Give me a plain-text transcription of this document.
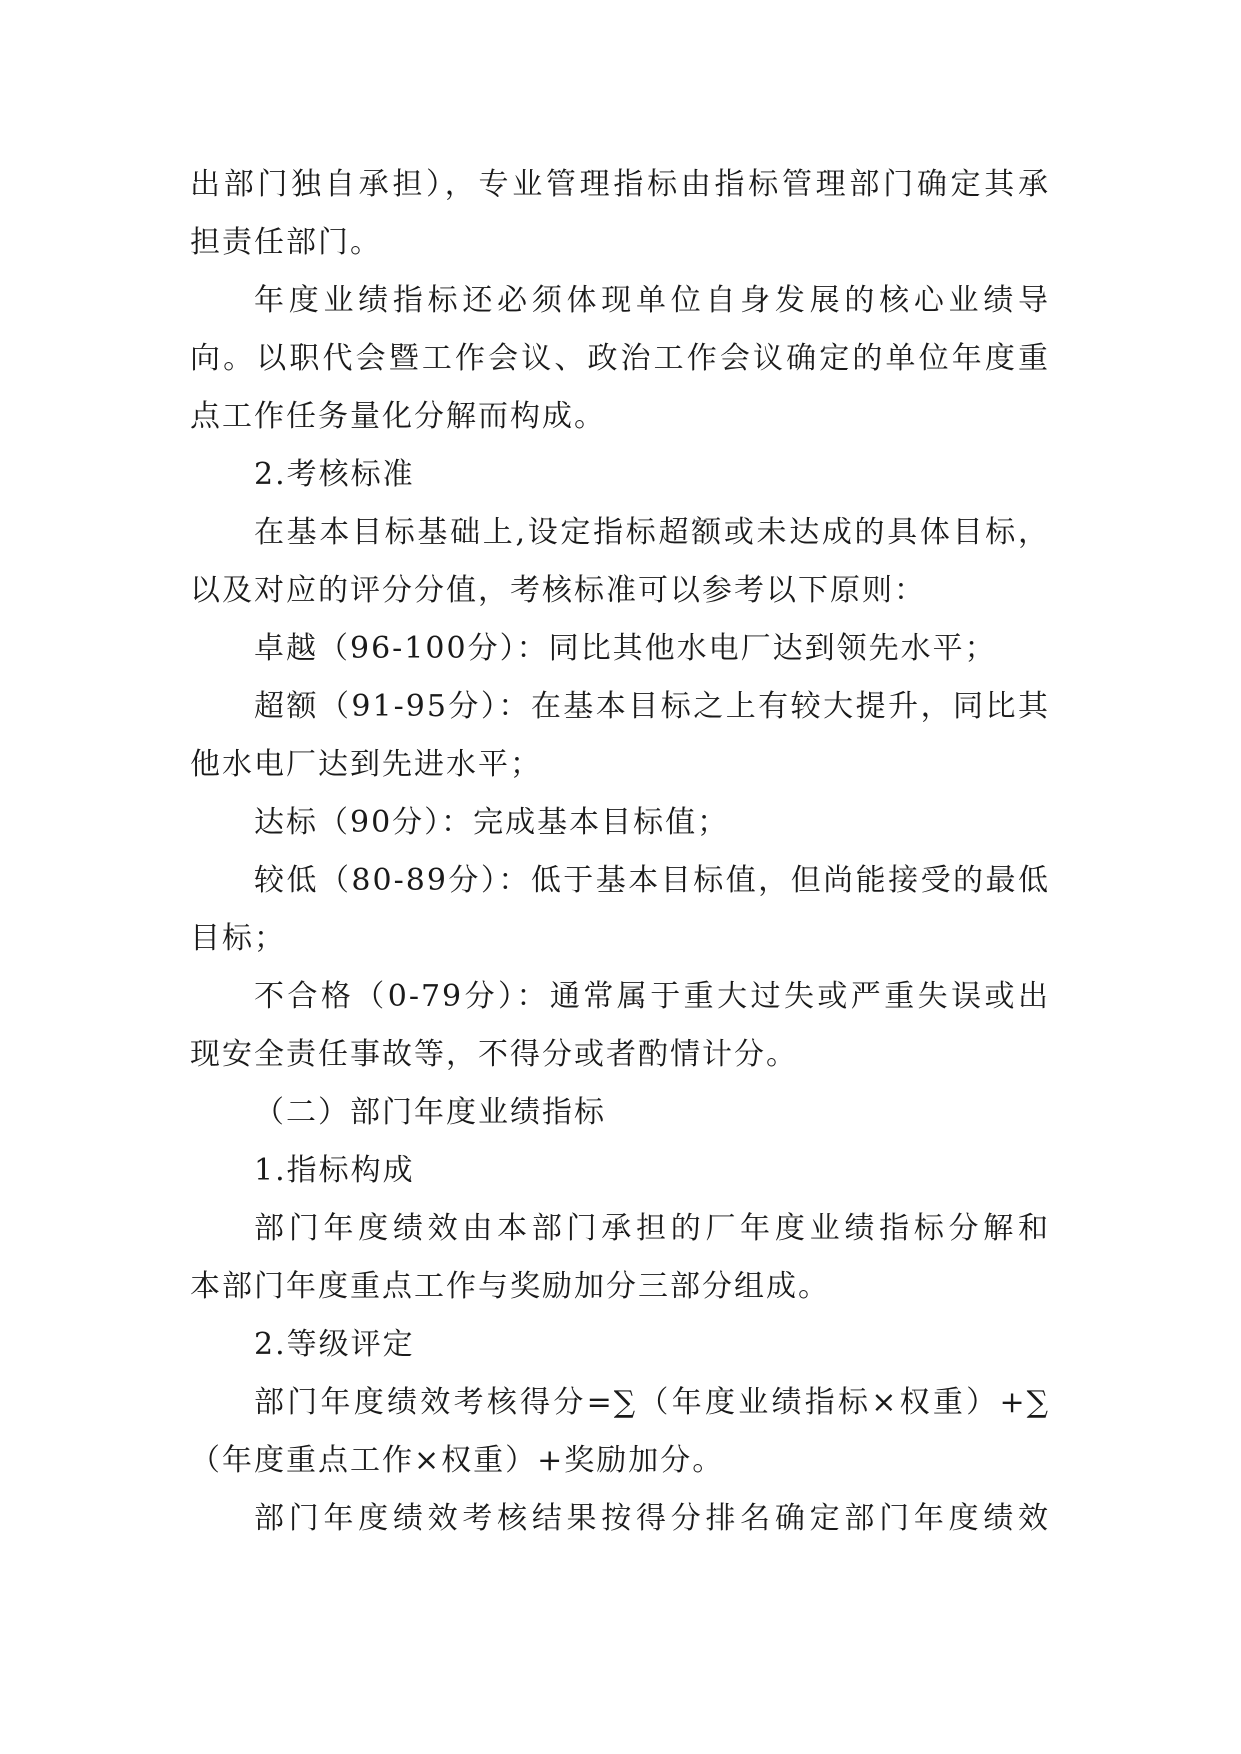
出部门独自承担），专业管理指标由指标管理部门确定其承
担责任部门。
年度业绩指标还必须体现单位自身发展的核心业绩导
向。以职代会暨工作会议、政治工作会议确定的单位年度重
点工作任务量化分解而构成。
2.考核标准
在基本目标基础上,设定指标超额或未达成的具体目标，
以及对应的评分分值，考核标准可以参考以下原则：
卓越（96-100分）：同比其他水电厂达到领先水平；
超额（91-95分）：在基本目标之上有较大提升，同比其
他水电厂达到先进水平；
达标（90分）：完成基本目标值；
较低（80-89分）：低于基本目标值，但尚能接受的最低
目标；
不合格（0-79分）：通常属于重大过失或严重失误或出
现安全责任事故等，不得分或者酌情计分。
（二）部门年度业绩指标
1.指标构成
部门年度绩效由本部门承担的厂年度业绩指标分解和
本部门年度重点工作与奖励加分三部分组成。
2.等级评定
部门年度绩效考核得分=∑（年度业绩指标×权重）+∑
（年度重点工作×权重）+奖励加分。
部门年度绩效考核结果按得分排名确定部门年度绩效
